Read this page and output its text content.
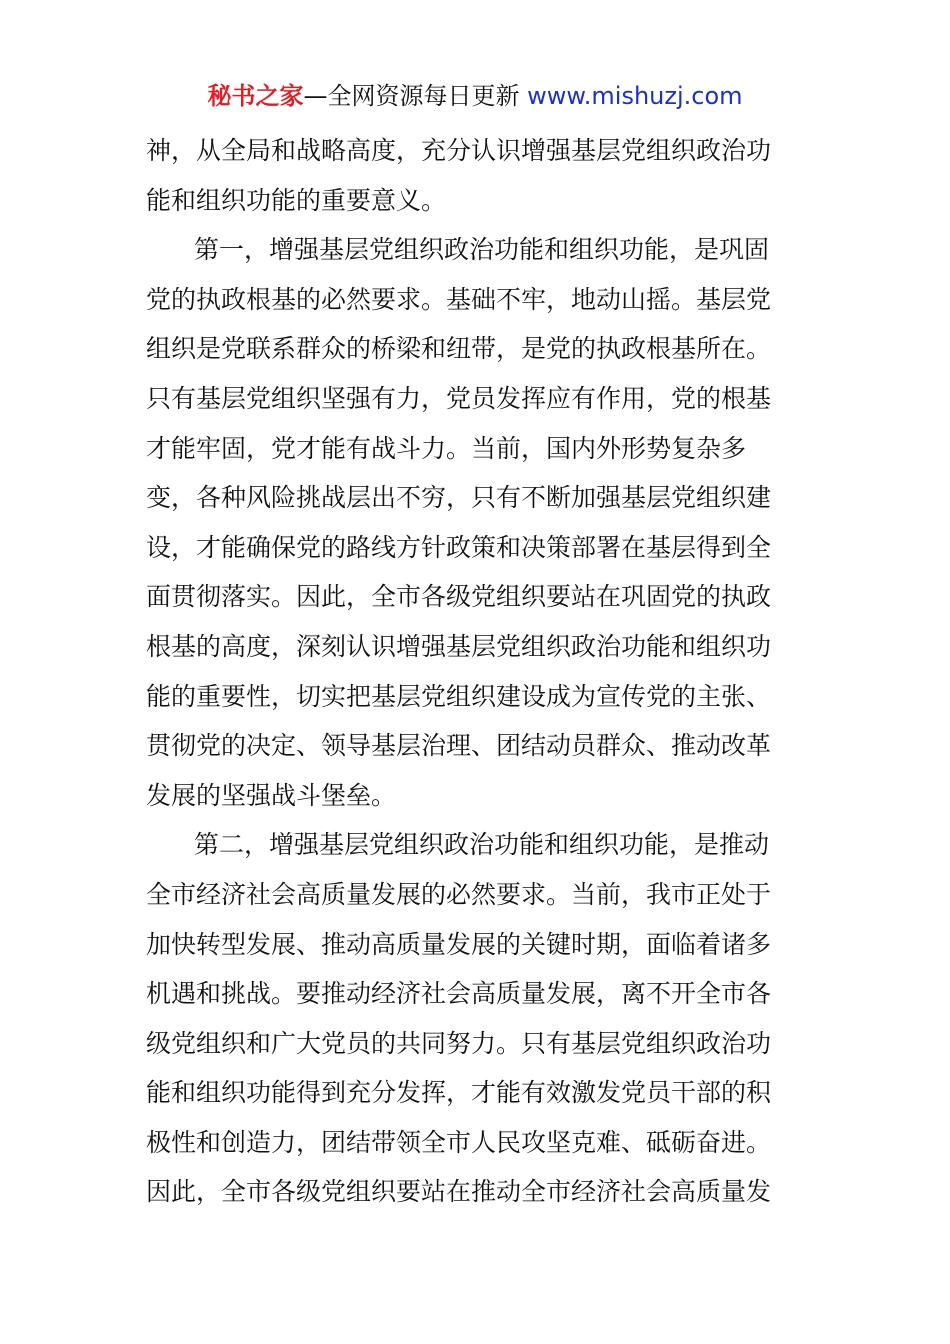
秘书之家—全网资源每日更新 www.mishuzj.com
神，从全局和战略高度，充分认识增强基层党组织政治功
能和组织功能的重要意义。
第一，增强基层党组织政治功能和组织功能，是巩固
党的执政根基的必然要求。基础不牢，地动山摇。基层党
组织是党联系群众的桥梁和纽带，是党的执政根基所在。
只有基层党组织坚强有力，党员发挥应有作用，党的根基
才能牢固，党才能有战斗力。当前，国内外形势复杂多
变，各种风险挑战层出不穷，只有不断加强基层党组织建
设，才能确保党的路线方针政策和决策部署在基层得到全
面贯彻落实。因此，全市各级党组织要站在巩固党的执政
根基的高度，深刻认识增强基层党组织政治功能和组织功
能的重要性，切实把基层党组织建设成为宣传党的主张、
贯彻党的决定、领导基层治理、团结动员群众、推动改革
发展的坚强战斗堡垒。
第二，增强基层党组织政治功能和组织功能，是推动
全市经济社会高质量发展的必然要求。当前，我市正处于
加快转型发展、推动高质量发展的关键时期，面临着诸多
机遇和挑战。要推动经济社会高质量发展，离不开全市各
级党组织和广大党员的共同努力。只有基层党组织政治功
能和组织功能得到充分发挥，才能有效激发党员干部的积
极性和创造力，团结带领全市人民攻坚克难、砥砺奋进。
因此，全市各级党组织要站在推动全市经济社会高质量发
